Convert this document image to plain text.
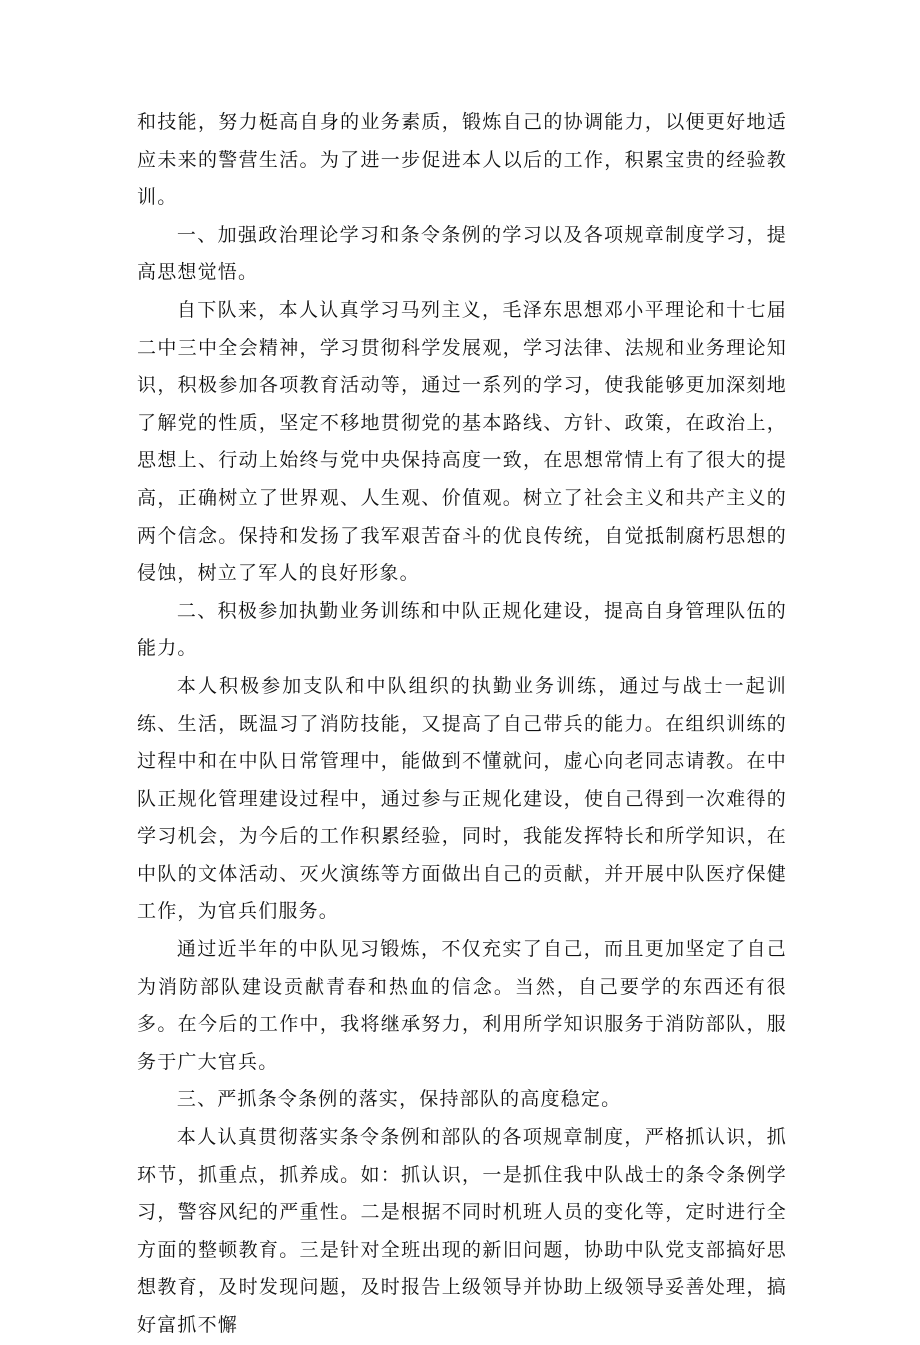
和技能，努力梃高自身的业务素质，锻炼自己的协调能力，以便更好地适应未来的警营生活。为了进一步促进本人以后的工作，积累宝贵的经验教训。

一、加强政治理论学习和条令条例的学习以及各项规章制度学习，提高思想觉悟。

自下队来，本人认真学习马列主义，毛泽东思想邓小平理论和十七届二中三中全会精神，学习贯彻科学发展观，学习法律、法规和业务理论知识，积极参加各项教育活动等，通过一系列的学习，使我能够更加深刻地了解党的性质，坚定不移地贯彻党的基本路线、方针、政策，在政治上，思想上、行动上始终与党中央保持高度一致，在思想常情上有了很大的提高，正确树立了世界观、人生观、价值观。树立了社会主义和共产主义的两个信念。保持和发扬了我军艰苦奋斗的优良传统，自觉抵制腐朽思想的侵蚀，树立了军人的良好形象。

二、积极参加执勤业务训练和中队正规化建设，提高自身管理队伍的能力。

本人积极参加支队和中队组织的执勤业务训练，通过与战士一起训练、生活，既温习了消防技能，又提高了自己带兵的能力。在组织训练的过程中和在中队日常管理中，能做到不懂就问，虚心向老同志请教。在中队正规化管理建设过程中，通过参与正规化建设，使自己得到一次难得的学习机会，为今后的工作积累经验，同时，我能发挥特长和所学知识，在中队的文体活动、灭火演练等方面做出自己的贡献，并开展中队医疗保健工作，为官兵们服务。

通过近半年的中队见习锻炼，不仅充实了自己，而且更加坚定了自己为消防部队建设贡献青春和热血的信念。当然，自己要学的东西还有很多。在今后的工作中，我将继承努力，利用所学知识服务于消防部队，服务于广大官兵。

三、严抓条令条例的落实，保持部队的高度稳定。

本人认真贯彻落实条令条例和部队的各项规章制度，严格抓认识，抓环节，抓重点，抓养成。如：抓认识，一是抓住我中队战士的条令条例学习，警容风纪的严重性。二是根据不同时机班人员的变化等，定时进行全方面的整顿教育。三是针对全班出现的新旧问题，协助中队党支部搞好思想教育，及时发现问题，及时报告上级领导并协助上级领导妥善处理，搞好富抓不懈
